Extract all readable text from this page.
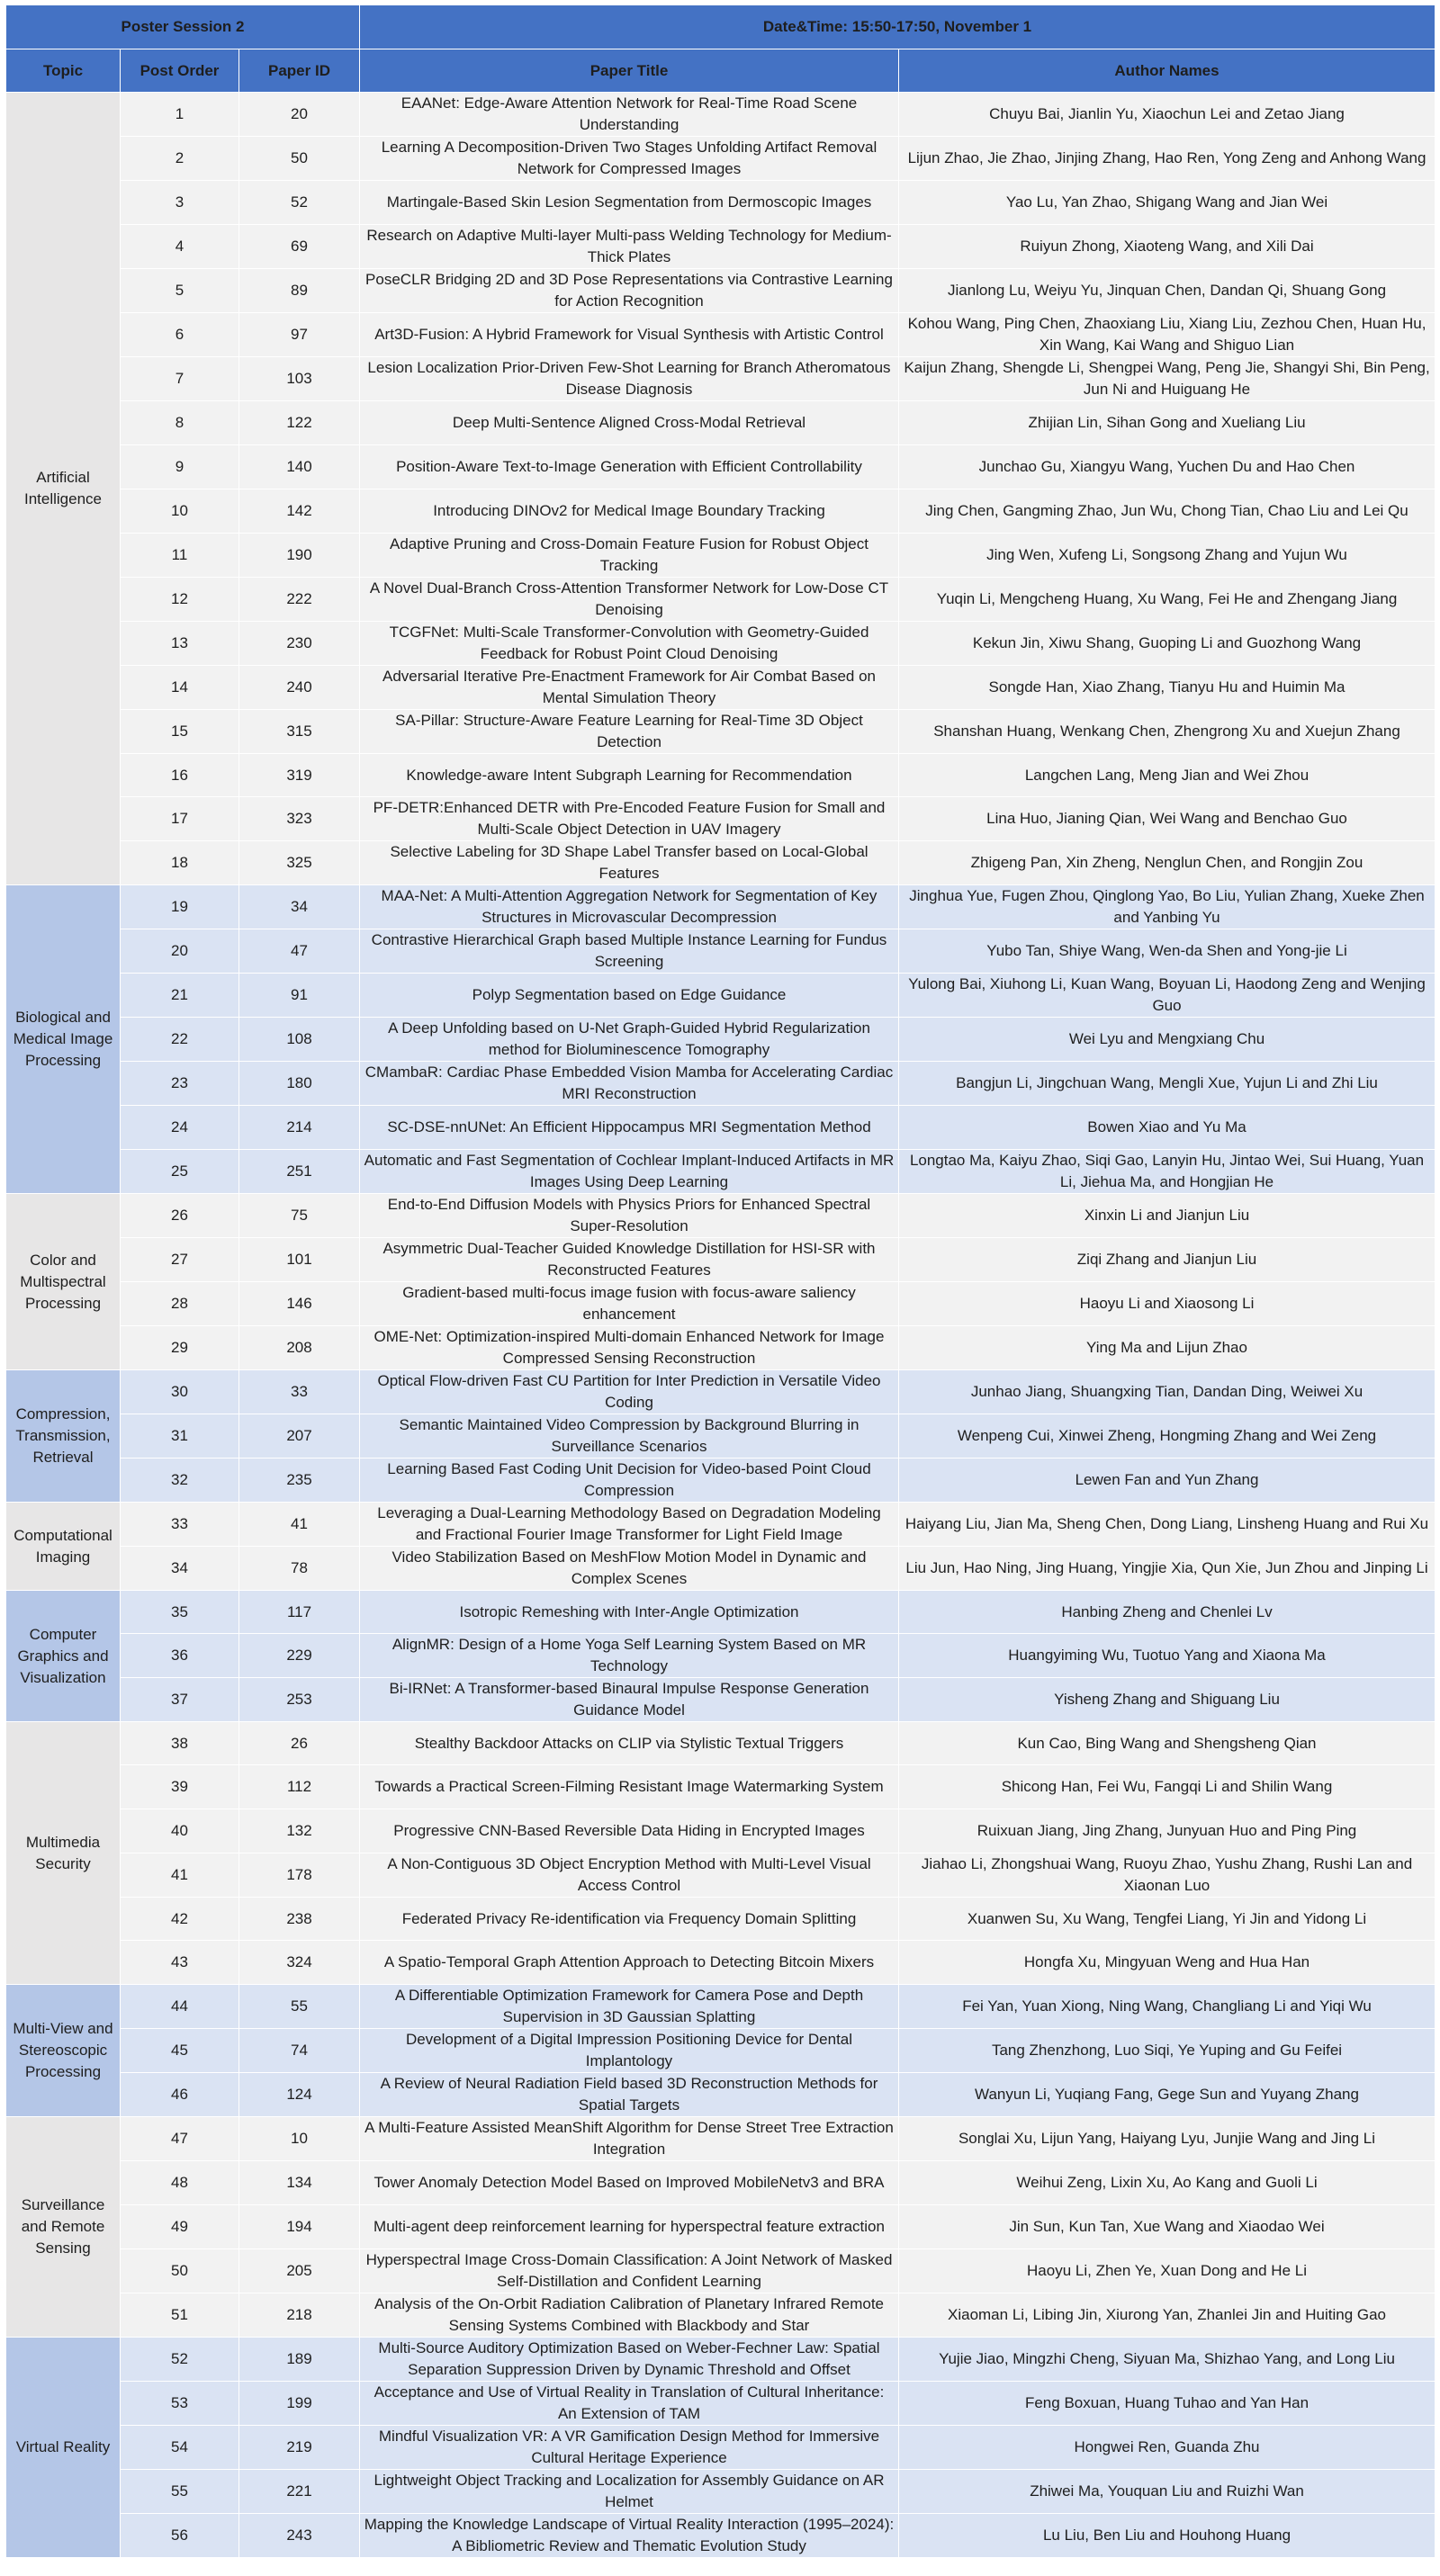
Poster Session 2			Date&Time: 15:50-17:50, November 1	
Topic	Post Order	Paper ID	Paper Title	Author Names
Artificial Intelligence	1	20	EAANet: Edge-Aware Attention Network for Real-Time Road Scene Understanding	Chuyu Bai, Jianlin Yu, Xiaochun Lei and Zetao Jiang
	2	50	Learning A Decomposition-Driven Two Stages Unfolding Artifact Removal Network for Compressed Images	Lijun Zhao, Jie Zhao, Jinjing Zhang, Hao Ren, Yong Zeng and Anhong Wang
	3	52	Martingale-Based Skin Lesion Segmentation from Dermoscopic Images	Yao Lu, Yan Zhao, Shigang Wang and Jian Wei
	4	69	Research on Adaptive Multi-layer Multi-pass Welding Technology for Medium-Thick Plates	Ruiyun Zhong, Xiaoteng Wang, and Xili Dai
	5	89	PoseCLR Bridging 2D and 3D Pose Representations via Contrastive Learning for Action Recognition	Jianlong Lu, Weiyu Yu, Jinquan Chen, Dandan Qi, Shuang Gong
	6	97	Art3D-Fusion: A Hybrid Framework for Visual Synthesis with Artistic Control	Kohou Wang, Ping Chen, Zhaoxiang Liu, Xiang Liu, Zezhou Chen, Huan Hu, Xin Wang, Kai Wang and Shiguo Lian
	7	103	Lesion Localization Prior-Driven Few-Shot Learning for Branch Atheromatous Disease Diagnosis	Kaijun Zhang, Shengde Li, Shengpei Wang, Peng Jie, Shangyi Shi, Bin Peng, Jun Ni and Huiguang He
	8	122	Deep Multi-Sentence Aligned Cross-Modal Retrieval	Zhijian Lin, Sihan Gong and Xueliang Liu
	9	140	Position-Aware Text-to-Image Generation with Efficient Controllability	Junchao Gu, Xiangyu Wang, Yuchen Du and Hao Chen
	10	142	Introducing DINOv2 for Medical Image Boundary Tracking	Jing Chen, Gangming Zhao, Jun Wu, Chong Tian, Chao Liu and Lei Qu
	11	190	Adaptive Pruning and Cross-Domain Feature Fusion for Robust Object Tracking	Jing Wen, Xufeng Li, Songsong Zhang and Yujun Wu
	12	222	A Novel Dual-Branch Cross-Attention Transformer Network for Low-Dose CT Denoising	Yuqin Li, Mengcheng Huang, Xu Wang, Fei He and Zhengang Jiang
	13	230	TCGFNet: Multi-Scale Transformer-Convolution with Geometry-Guided Feedback for Robust Point Cloud Denoising	Kekun Jin, Xiwu Shang, Guoping Li and Guozhong Wang
	14	240	Adversarial Iterative Pre-Enactment Framework for Air Combat Based on Mental Simulation Theory	Songde Han, Xiao Zhang, Tianyu Hu and Huimin Ma
	15	315	SA-Pillar: Structure-Aware Feature Learning for Real-Time 3D Object Detection	Shanshan Huang, Wenkang Chen, Zhengrong Xu and Xuejun Zhang
	16	319	Knowledge-aware Intent Subgraph Learning for Recommendation	Langchen Lang, Meng Jian and Wei Zhou
	17	323	PF-DETR:Enhanced DETR with Pre-Encoded Feature Fusion for Small and Multi-Scale Object Detection in UAV Imagery	Lina Huo, Jianing Qian, Wei Wang and Benchao Guo
	18	325	Selective Labeling for 3D Shape Label Transfer based on Local-Global Features	Zhigeng Pan, Xin Zheng, Nenglun Chen, and Rongjin Zou
Biological and Medical Image Processing	19	34	MAA-Net: A Multi-Attention Aggregation Network for Segmentation of Key Structures in Microvascular Decompression	Jinghua Yue, Fugen Zhou, Qinglong Yao, Bo Liu, Yulian Zhang, Xueke Zhen and Yanbing Yu
	20	47	Contrastive Hierarchical Graph based Multiple Instance Learning for Fundus Screening	Yubo Tan, Shiye Wang, Wen-da Shen and Yong-jie Li
	21	91	Polyp Segmentation based on Edge Guidance	Yulong Bai, Xiuhong Li, Kuan Wang, Boyuan Li, Haodong Zeng and Wenjing Guo
	22	108	A Deep Unfolding based on U-Net Graph-Guided Hybrid Regularization method for Bioluminescence Tomography	Wei Lyu and Mengxiang Chu
	23	180	CMambaR: Cardiac Phase Embedded Vision Mamba for Accelerating Cardiac MRI Reconstruction	Bangjun Li, Jingchuan Wang, Mengli Xue, Yujun Li and Zhi Liu
	24	214	SC-DSE-nnUNet: An Efficient Hippocampus MRI Segmentation Method	Bowen Xiao and Yu Ma
	25	251	Automatic and Fast Segmentation of Cochlear Implant-Induced Artifacts in MR Images Using Deep Learning	Longtao Ma, Kaiyu Zhao, Siqi Gao, Lanyin Hu, Jintao Wei, Sui Huang, Yuan Li, Jiehua Ma, and Hongjian He
Color and Multispectral Processing	26	75	End-to-End Diffusion Models with Physics Priors for Enhanced Spectral Super-Resolution	Xinxin Li and Jianjun Liu
	27	101	Asymmetric Dual-Teacher Guided Knowledge Distillation for HSI-SR with Reconstructed Features	Ziqi Zhang and Jianjun Liu
	28	146	Gradient-based multi-focus image fusion with focus-aware saliency enhancement	Haoyu Li and Xiaosong Li
	29	208	OME-Net: Optimization-inspired Multi-domain Enhanced Network for Image Compressed Sensing Reconstruction	Ying Ma and Lijun Zhao
Compression, Transmission, Retrieval	30	33	Optical Flow-driven Fast CU Partition for Inter Prediction in Versatile Video Coding	Junhao Jiang, Shuangxing Tian, Dandan Ding, Weiwei Xu
	31	207	Semantic Maintained Video Compression by Background Blurring in Surveillance Scenarios	Wenpeng Cui, Xinwei Zheng, Hongming Zhang and Wei Zeng
	32	235	Learning Based Fast Coding Unit Decision for Video-based Point Cloud Compression	Lewen Fan and Yun Zhang
Computational Imaging	33	41	Leveraging a Dual-Learning Methodology Based on Degradation Modeling and Fractional Fourier Image Transformer for Light Field Image	Haiyang Liu, Jian Ma, Sheng Chen, Dong Liang, Linsheng Huang and Rui Xu
	34	78	Video Stabilization Based on MeshFlow Motion Model in Dynamic and Complex Scenes	Liu Jun, Hao Ning, Jing Huang, Yingjie Xia, Qun Xie, Jun Zhou and Jinping Li
Computer Graphics and Visualization	35	117	Isotropic Remeshing with Inter-Angle Optimization	Hanbing Zheng and Chenlei Lv
	36	229	AlignMR: Design of a Home Yoga Self Learning System Based on MR Technology	Huangyiming Wu, Tuotuo Yang and Xiaona Ma
	37	253	Bi-IRNet: A Transformer-based Binaural Impulse Response Generation Guidance Model	Yisheng Zhang and Shiguang Liu
Multimedia Security	38	26	Stealthy Backdoor Attacks on CLIP via Stylistic Textual Triggers	Kun Cao, Bing Wang and Shengsheng Qian
	39	112	Towards a Practical Screen-Filming Resistant Image Watermarking System	Shicong Han, Fei Wu, Fangqi Li and Shilin Wang
	40	132	Progressive CNN-Based Reversible Data Hiding in Encrypted Images	Ruixuan Jiang, Jing Zhang, Junyuan Huo and Ping Ping
	41	178	A Non-Contiguous 3D Object Encryption Method with Multi-Level Visual Access Control	Jiahao Li, Zhongshuai Wang, Ruoyu Zhao, Yushu Zhang, Rushi Lan and Xiaonan Luo
	42	238	Federated Privacy Re-identification via Frequency Domain Splitting	Xuanwen Su, Xu Wang, Tengfei Liang, Yi Jin and Yidong Li
	43	324	A Spatio-Temporal Graph Attention Approach to Detecting Bitcoin Mixers	Hongfa Xu, Mingyuan Weng and Hua Han
Multi-View and Stereoscopic Processing	44	55	A Differentiable Optimization Framework for Camera Pose and Depth Supervision in 3D Gaussian Splatting	Fei Yan, Yuan Xiong, Ning Wang, Changliang Li and Yiqi Wu
	45	74	Development of a Digital Impression Positioning Device for Dental Implantology	Tang Zhenzhong, Luo Siqi, Ye Yuping and Gu Feifei
	46	124	A Review of Neural Radiation Field based 3D Reconstruction Methods for Spatial Targets	Wanyun Li, Yuqiang Fang, Gege Sun and Yuyang Zhang
Surveillance and Remote Sensing	47	10	A Multi-Feature Assisted MeanShift Algorithm for Dense Street Tree Extraction Integration	Songlai Xu, Lijun Yang, Haiyang Lyu, Junjie Wang and Jing Li
	48	134	Tower Anomaly Detection Model Based on Improved MobileNetv3 and BRA	Weihui Zeng, Lixin Xu, Ao Kang and Guoli Li
	49	194	Multi-agent deep reinforcement learning for hyperspectral feature extraction	Jin Sun, Kun Tan, Xue Wang and Xiaodao Wei
	50	205	Hyperspectral Image Cross-Domain Classification: A Joint Network of Masked Self-Distillation and Confident Learning	Haoyu Li, Zhen Ye, Xuan Dong and He Li
	51	218	Analysis of the On-Orbit Radiation Calibration of Planetary Infrared Remote Sensing Systems Combined with Blackbody and Star	Xiaoman Li, Libing Jin, Xiurong Yan, Zhanlei Jin and Huiting Gao
Virtual Reality	52	189	Multi-Source Auditory Optimization Based on Weber-Fechner Law: Spatial Separation Suppression Driven by Dynamic Threshold and Offset	Yujie Jiao, Mingzhi Cheng, Siyuan Ma, Shizhao Yang, and Long Liu
	53	199	Acceptance and Use of Virtual Reality in Translation of Cultural Inheritance: An Extension of TAM	Feng Boxuan, Huang Tuhao and Yan Han
	54	219	Mindful Visualization VR: A VR Gamification Design Method for Immersive Cultural Heritage Experience	Hongwei Ren, Guanda Zhu
	55	221	Lightweight Object Tracking and Localization for Assembly Guidance on AR Helmet	Zhiwei Ma, Youquan Liu and Ruizhi Wan
	56	243	Mapping the Knowledge Landscape of Virtual Reality Interaction (1995–2024): A Bibliometric Review and Thematic Evolution Study	Lu Liu, Ben Liu and Houhong Huang
